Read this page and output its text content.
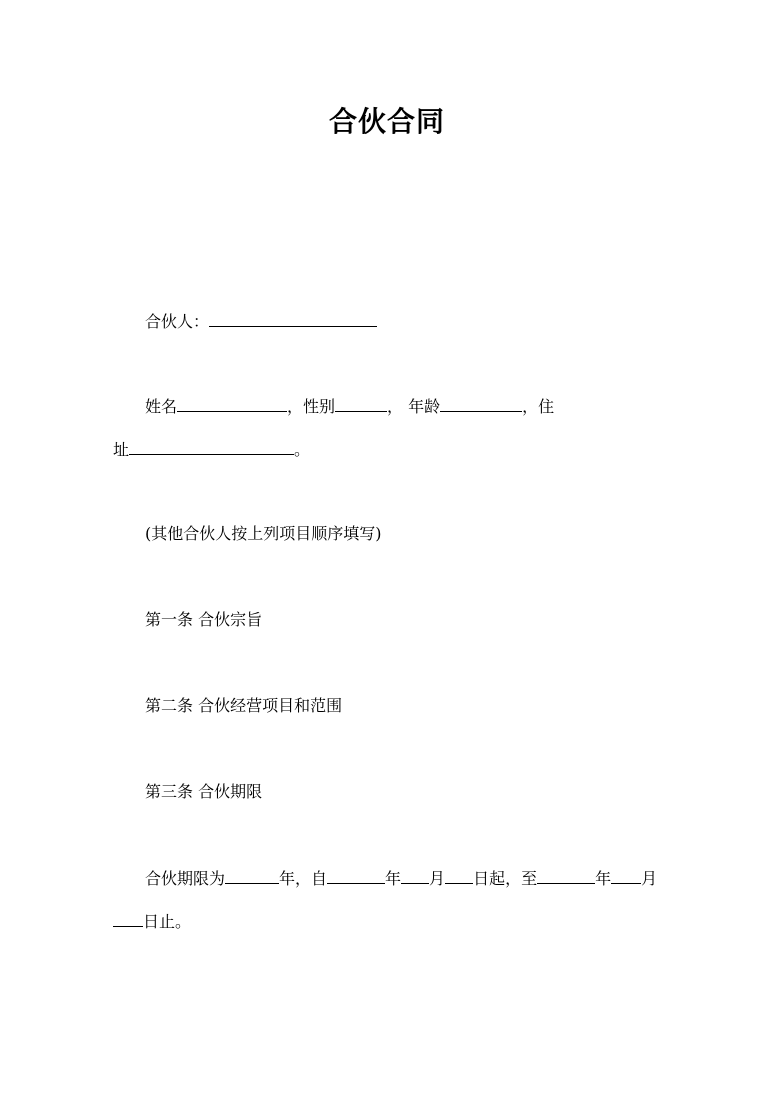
合伙合同
合伙人：
姓名	，性别	， 年龄	，住
址	。
(其他合伙人按上列项目顺序填写)
第一条 合伙宗旨
第二条 合伙经营项目和范围
第三条 合伙期限
合伙期限为	年，自	年 月 日起，至	年 月
日止。
